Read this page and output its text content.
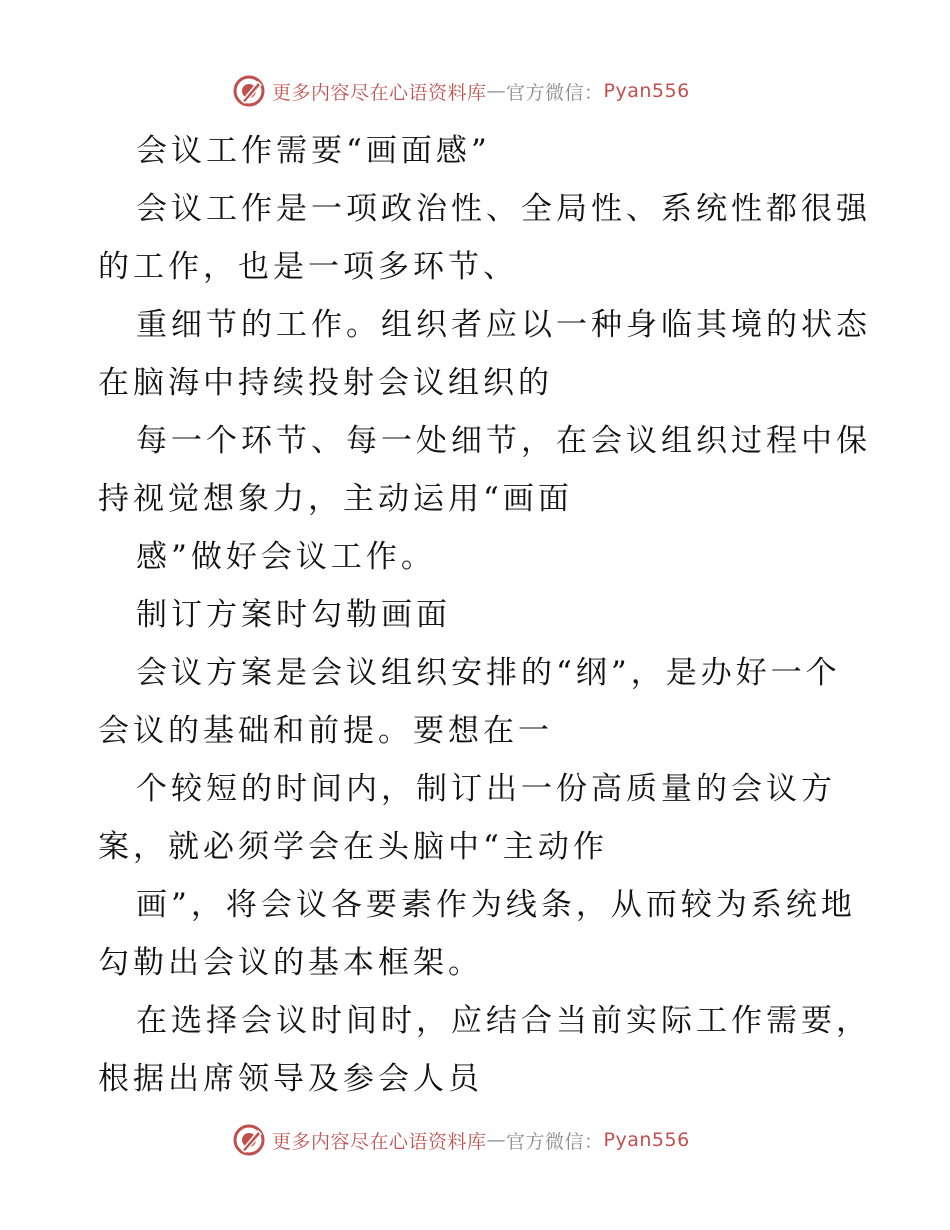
更多内容尽在心语资料库 — 官方微信： Pyan556
会议工作需要“画面感”
会议工作是一项政治性、全局性、系统性都很强
的工作，也是一项多环节、
重细节的工作。组织者应以一种身临其境的状态
在脑海中持续投射会议组织的
每一个环节、每一处细节，在会议组织过程中保
持视觉想象力，主动运用“画面
感”做好会议工作。
制订方案时勾勒画面
会议方案是会议组织安排的“纲”，是办好一个
会议的基础和前提。要想在一
个较短的时间内，制订出一份高质量的会议方
案，就必须学会在头脑中“主动作
画”，将会议各要素作为线条，从而较为系统地
勾勒出会议的基本框架。
在选择会议时间时，应结合当前实际工作需要，
根据出席领导及参会人员
更多内容尽在心语资料库 — 官方微信： Pyan556
